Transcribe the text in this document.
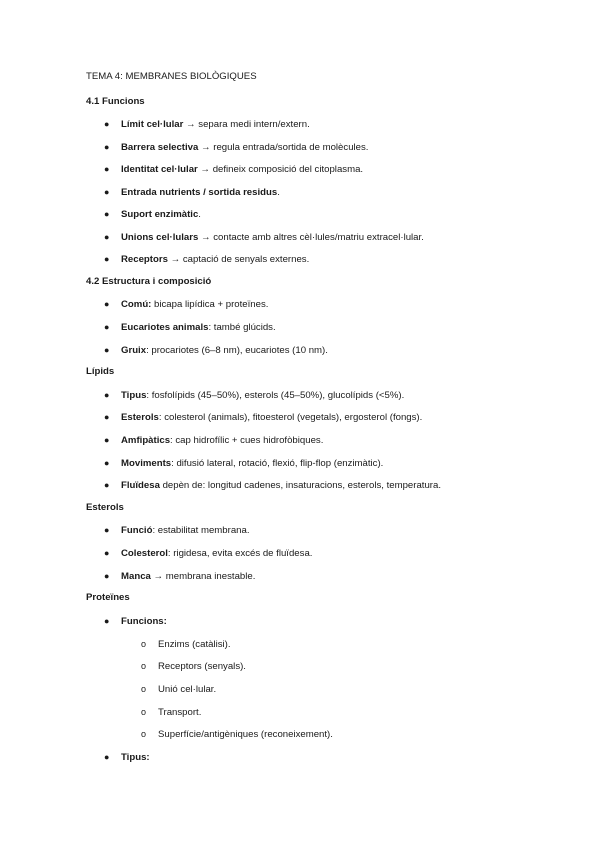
TEMA 4: MEMBRANES BIOLÒGIQUES
4.1 Funcions
● Límit cel·lular → separa medi intern/extern.
● Barrera selectiva → regula entrada/sortida de molècules.
● Identitat cel·lular → defineix composició del citoplasma.
● Entrada nutrients / sortida residus.
● Suport enzimàtic.
● Unions cel·lulars → contacte amb altres cèl·lules/matriu extracel·lular.
● Receptors → captació de senyals externes.
4.2 Estructura i composició
● Comú: bicapa lipídica + proteïnes.
● Eucariotes animals: també glúcids.
● Gruix: procariotes (6–8 nm), eucariotes (10 nm).
Lípids
● Tipus: fosfolípids (45–50%), esterols (45–50%), glucolípids (<5%).
● Esterols: colesterol (animals), fitoesterol (vegetals), ergosterol (fongs).
● Amfipàtics: cap hidrofílic + cues hidrofòbiques.
● Moviments: difusió lateral, rotació, flexió, flip-flop (enzimàtic).
● Fluïdesa depèn de: longitud cadenes, insaturacions, esterols, temperatura.
Esterols
● Funció: estabilitat membrana.
● Colesterol: rigidesa, evita excés de fluïdesa.
● Manca → membrana inestable.
Proteïnes
● Funcions:
o Enzims (catàlisi).
o Receptors (senyals).
o Unió cel·lular.
o Transport.
o Superfície/antigèniques (reconeixement).
● Tipus:
